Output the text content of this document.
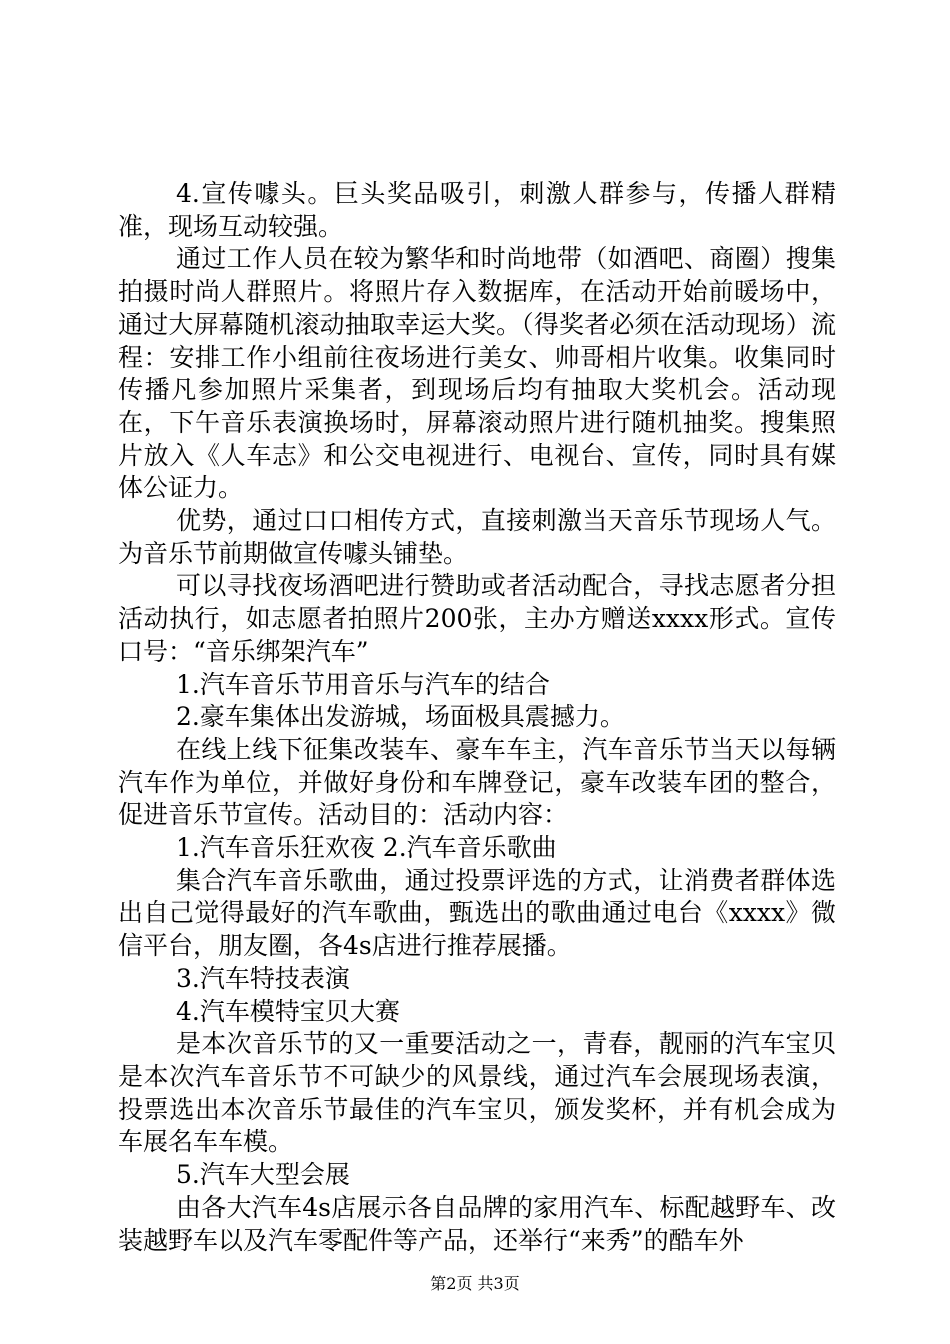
4.宣传噱头。巨头奖品吸引，刺激人群参与，传播人群精准，现场互动较强。

通过工作人员在较为繁华和时尚地带（如酒吧、商圈）搜集拍摄时尚人群照片。将照片存入数据库，在活动开始前暖场中，通过大屏幕随机滚动抽取幸运大奖。（得奖者必须在活动现场）流程：安排工作小组前往夜场进行美女、帅哥相片收集。收集同时传播凡参加照片采集者，到现场后均有抽取大奖机会。活动现在，下午音乐表演换场时，屏幕滚动照片进行随机抽奖。搜集照片放入《人车志》和公交电视进行、电视台、宣传，同时具有媒体公证力。

优势，通过口口相传方式，直接刺激当天音乐节现场人气。为音乐节前期做宣传噱头铺垫。

可以寻找夜场酒吧进行赞助或者活动配合，寻找志愿者分担活动执行，如志愿者拍照片200张，主办方赠送xxxx形式。宣传口号：“音乐绑架汽车”

1.汽车音乐节用音乐与汽车的结合

2.豪车集体出发游城，场面极具震撼力。

在线上线下征集改装车、豪车车主，汽车音乐节当天以每辆汽车作为单位，并做好身份和车牌登记，豪车改装车团的整合，促进音乐节宣传。活动目的：活动内容：

1.汽车音乐狂欢夜 2.汽车音乐歌曲

集合汽车音乐歌曲，通过投票评选的方式，让消费者群体选出自己觉得最好的汽车歌曲，甄选出的歌曲通过电台《xxxx》微信平台，朋友圈，各4s店进行推荐展播。

3.汽车特技表演

4.汽车模特宝贝大赛

是本次音乐节的又一重要活动之一，青春，靓丽的汽车宝贝是本次汽车音乐节不可缺少的风景线，通过汽车会展现场表演，投票选出本次音乐节最佳的汽车宝贝，颁发奖杯，并有机会成为车展名车车模。

5.汽车大型会展

由各大汽车4s店展示各自品牌的家用汽车、标配越野车、改装越野车以及汽车零配件等产品，还举行“来秀”的酷车外

第2页 共3页
